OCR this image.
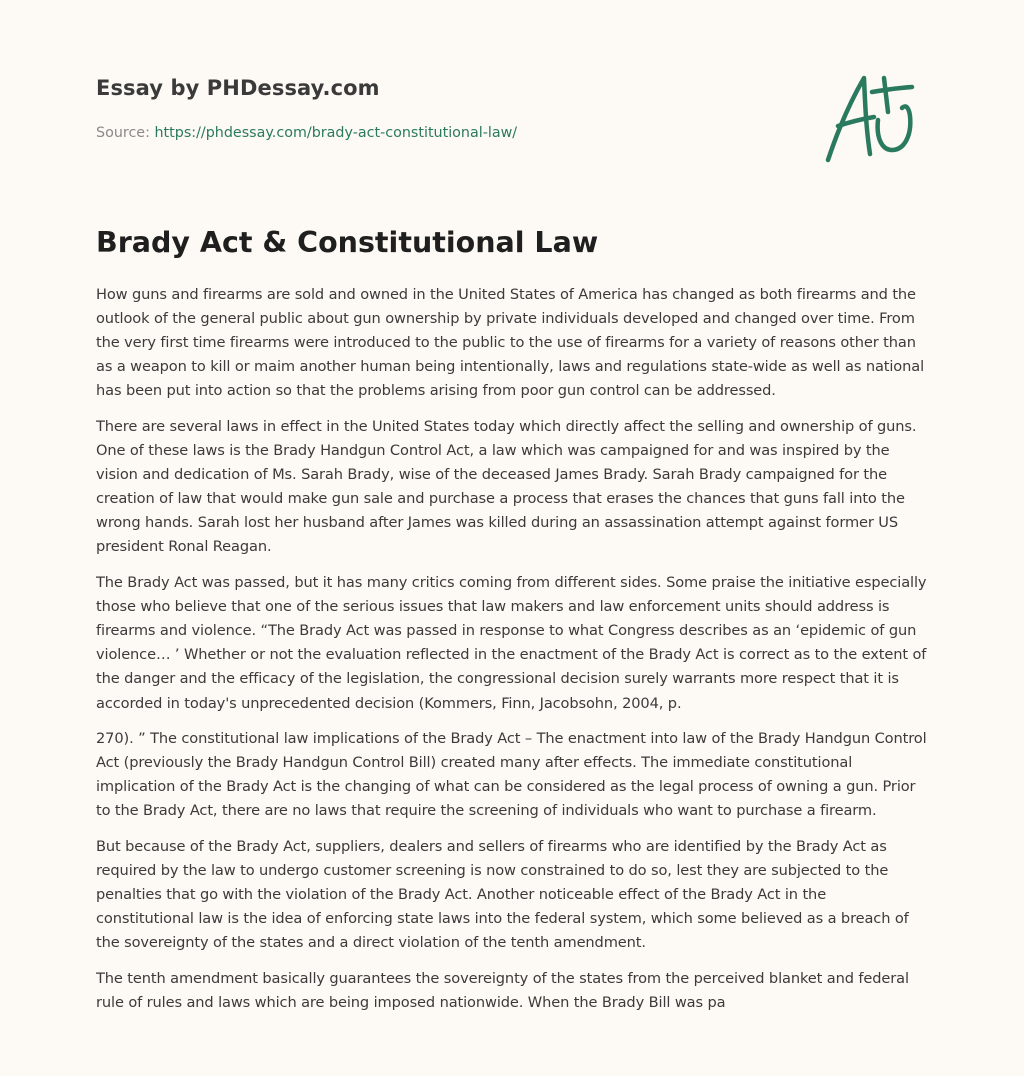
Essay by PHDessay.com
Source: https://phdessay.com/brady-act-constitutional-law/
Brady Act & Constitutional Law

How guns and firearms are sold and owned in the United States of America has changed as both firearms and the outlook of the general public about gun ownership by private individuals developed and changed over time. From the very first time firearms were introduced to the public to the use of firearms for a variety of reasons other than as a weapon to kill or maim another human being intentionally, laws and regulations state-wide as well as national has been put into action so that the problems arising from poor gun control can be addressed.

There are several laws in effect in the United States today which directly affect the selling and ownership of guns. One of these laws is the Brady Handgun Control Act, a law which was campaigned for and was inspired by the vision and dedication of Ms. Sarah Brady, wise of the deceased James Brady. Sarah Brady campaigned for the creation of law that would make gun sale and purchase a process that erases the chances that guns fall into the wrong hands. Sarah lost her husband after James was killed during an assassination attempt against former US president Ronal Reagan.

The Brady Act was passed, but it has many critics coming from different sides. Some praise the initiative especially those who believe that one of the serious issues that law makers and law enforcement units should address is firearms and violence. “The Brady Act was passed in response to what Congress describes as an ‘epidemic of gun violence… ’ Whether or not the evaluation reflected in the enactment of the Brady Act is correct as to the extent of the danger and the efficacy of the legislation, the congressional decision surely warrants more respect that it is accorded in today's unprecedented decision (Kommers, Finn, Jacobsohn, 2004, p.

270). ” The constitutional law implications of the Brady Act – The enactment into law of the Brady Handgun Control Act (previously the Brady Handgun Control Bill) created many after effects. The immediate constitutional implication of the Brady Act is the changing of what can be considered as the legal process of owning a gun. Prior to the Brady Act, there are no laws that require the screening of individuals who want to purchase a firearm.

But because of the Brady Act, suppliers, dealers and sellers of firearms who are identified by the Brady Act as required by the law to undergo customer screening is now constrained to do so, lest they are subjected to the penalties that go with the violation of the Brady Act. Another noticeable effect of the Brady Act in the constitutional law is the idea of enforcing state laws into the federal system, which some believed as a breach of the sovereignty of the states and a direct violation of the tenth amendment.

The tenth amendment basically guarantees the sovereignty of the states from the perceived blanket and federal rule of rules and laws which are being imposed nationwide. When the Brady Bill was pa
